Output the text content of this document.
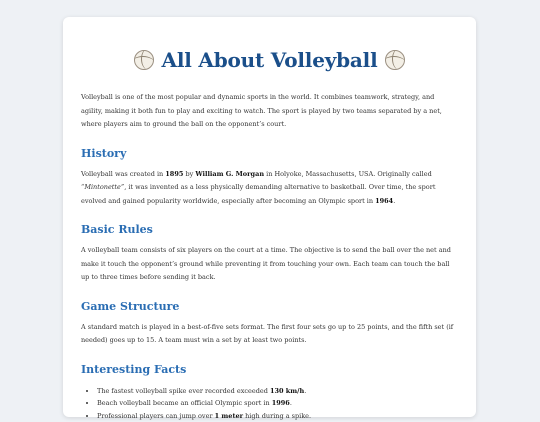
All About Volleyball

Volleyball is one of the most popular and dynamic sports in the world. It combines teamwork, strategy, and agility, making it both fun to play and exciting to watch. The sport is played by two teams separated by a net, where players aim to ground the ball on the opponent’s court.

History

Volleyball was created in 1895 by William G. Morgan in Holyoke, Massachusetts, USA. Originally called “Mintonette”, it was invented as a less physically demanding alternative to basketball. Over time, the sport evolved and gained popularity worldwide, especially after becoming an Olympic sport in 1964.

Basic Rules

A volleyball team consists of six players on the court at a time. The objective is to send the ball over the net and make it touch the opponent’s ground while preventing it from touching your own. Each team can touch the ball up to three times before sending it back.

Game Structure

A standard match is played in a best-of-five sets format. The first four sets go up to 25 points, and the fifth set (if needed) goes up to 15. A team must win a set by at least two points.

Interesting Facts
• The fastest volleyball spike ever recorded exceeded 130 km/h.
• Beach volleyball became an official Olympic sport in 1996.
• Professional players can jump over 1 meter high during a spike.
